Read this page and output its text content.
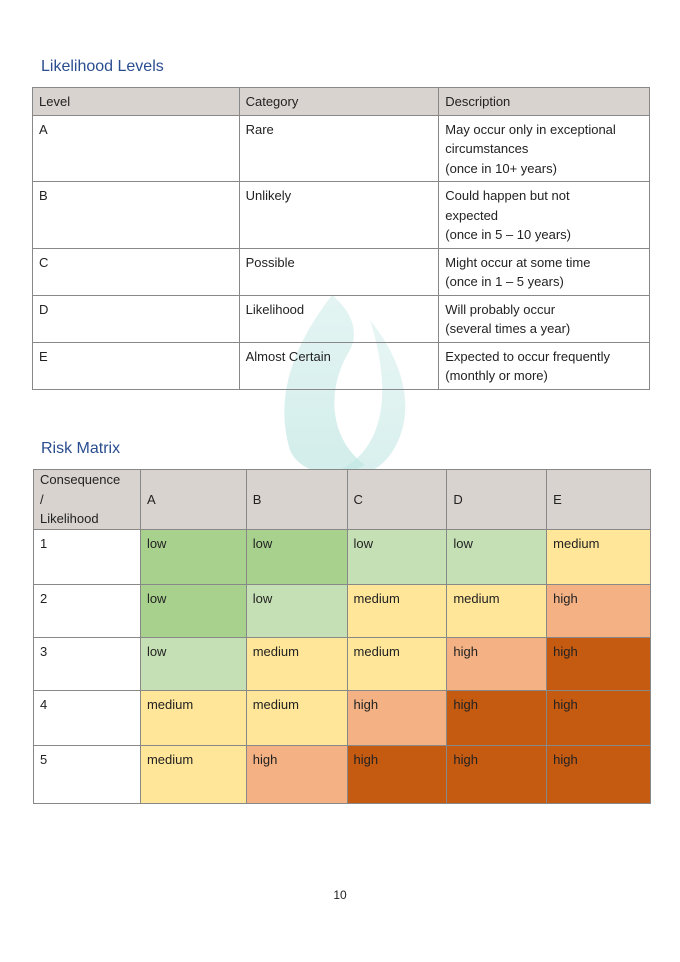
Likelihood Levels
Level	Category	Description
A	Rare	May occur only in exceptional
circumstances
(once in 10+ years)

B	Unlikely	Could happen but not
expected
(once in 5 – 10 years)

C	Possible	Might occur at some time
(once in 1 – 5 years)

D	Likelihood	Will probably occur
(several times a year)

E	Almost Certain	Expected to occur frequently
(monthly or more)
Risk Matrix
Consequence
/
Likelihood	A	B	C	D	E
1	low	low	low	low	medium
2	low	low	medium	medium	high
3	low	medium	medium	high	high
4	medium	medium	high	high	high
5	medium	high	high	high	high
10
